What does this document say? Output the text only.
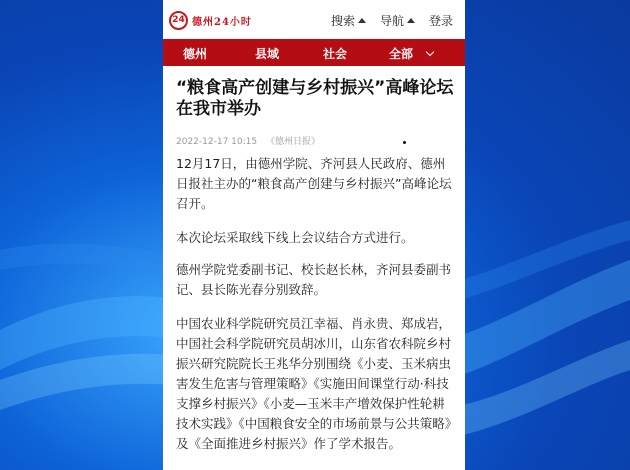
24 德州24小时	搜索 导航 登录
德州	县域	社会	全部
“粮食高产创建与乡村振兴”高峰论坛在我市举办
2022-12-17 10:15 《德州日报》
12月17日，由德州学院、齐河县人民政府、德州日报社主办的“粮食高产创建与乡村振兴”高峰论坛召开。
本次论坛采取线下线上会议结合方式进行。
德州学院党委副书记、校长赵长林，齐河县委副书记、县长陈光春分别致辞。
中国农业科学院研究员江幸福、肖永贵、郑成岩，中国社会科学院研究员胡冰川，山东省农科院乡村振兴研究院院长王兆华分别围绕《小麦、玉米病虫害发生危害与管理策略》《实施田间课堂行动·科技支撑乡村振兴》《小麦—玉米丰产增效保护性轮耕技术实践》《中国粮食安全的市场前景与公共策略》及《全面推进乡村振兴》作了学术报告。
